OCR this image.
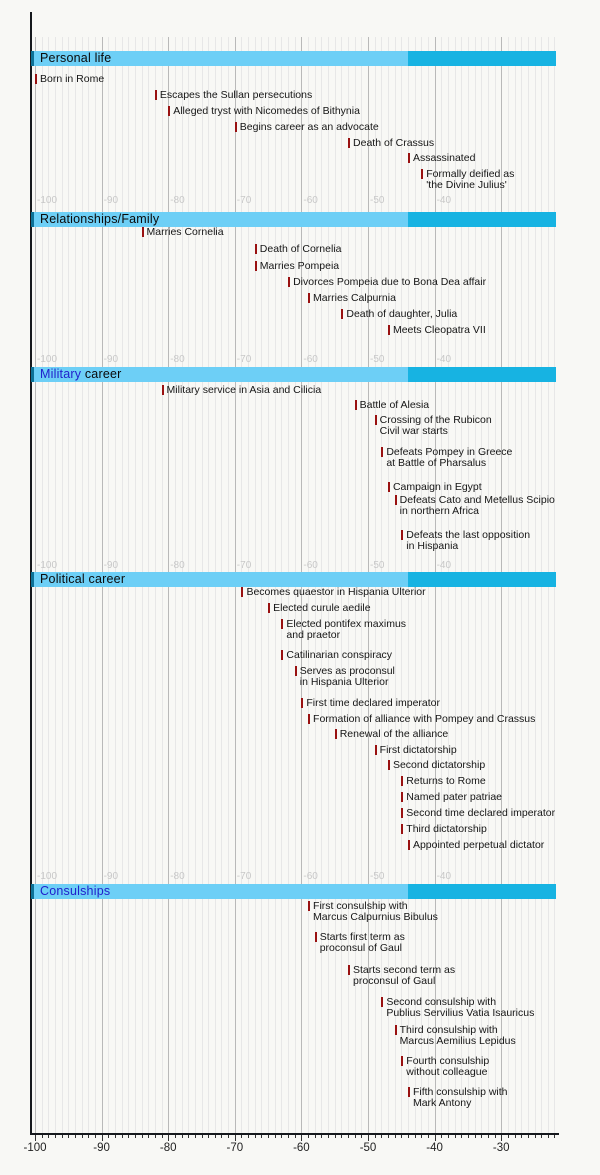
Personal life
Born in Rome
Escapes the Sullan persecutions
Alleged tryst with Nicomedes of Bithynia
Begins career as an advocate
Death of Crassus
Assassinated
Formally deified as
'the Divine Julius'
-100	-90	-80	-70	-60	-50	-40
Relationships/Family
Marries Cornelia
Death of Cornelia
Marries Pompeia
Divorces Pompeia due to Bona Dea affair
Marries Calpurnia
Death of daughter, Julia
Meets Cleopatra VII
-100	-90	-80	-70	-60	-50	-40
Military career
Military service in Asia and Cilicia
Battle of Alesia
Crossing of the Rubicon
Civil war starts
Defeats Pompey in Greece
at Battle of Pharsalus
Campaign in Egypt
Defeats Cato and Metellus Scipio
in northern Africa
Defeats the last opposition
in Hispania
-100	-90	-80	-70	-60	-50	-40
Political career
Becomes quaestor in Hispania Ulterior
Elected curule aedile
Elected pontifex maximus
and praetor
Catilinarian conspiracy
Serves as proconsul
in Hispania Ulterior
First time declared imperator
Formation of alliance with Pompey and Crassus
Renewal of the alliance
First dictatorship
Second dictatorship
Returns to Rome
Named pater patriae
Second time declared imperator
Third dictatorship
Appointed perpetual dictator
-100	-90	-80	-70	-60	-50	-40
Consulships
First consulship with
Marcus Calpurnius Bibulus
Starts first term as
proconsul of Gaul
Starts second term as
proconsul of Gaul
Second consulship with
Publius Servilius Vatia Isauricus
Third consulship with
Marcus Aemilius Lepidus
Fourth consulship
without colleague
Fifth consulship with
Mark Antony
-100	-90	-80	-70	-60	-50	-40	-30
